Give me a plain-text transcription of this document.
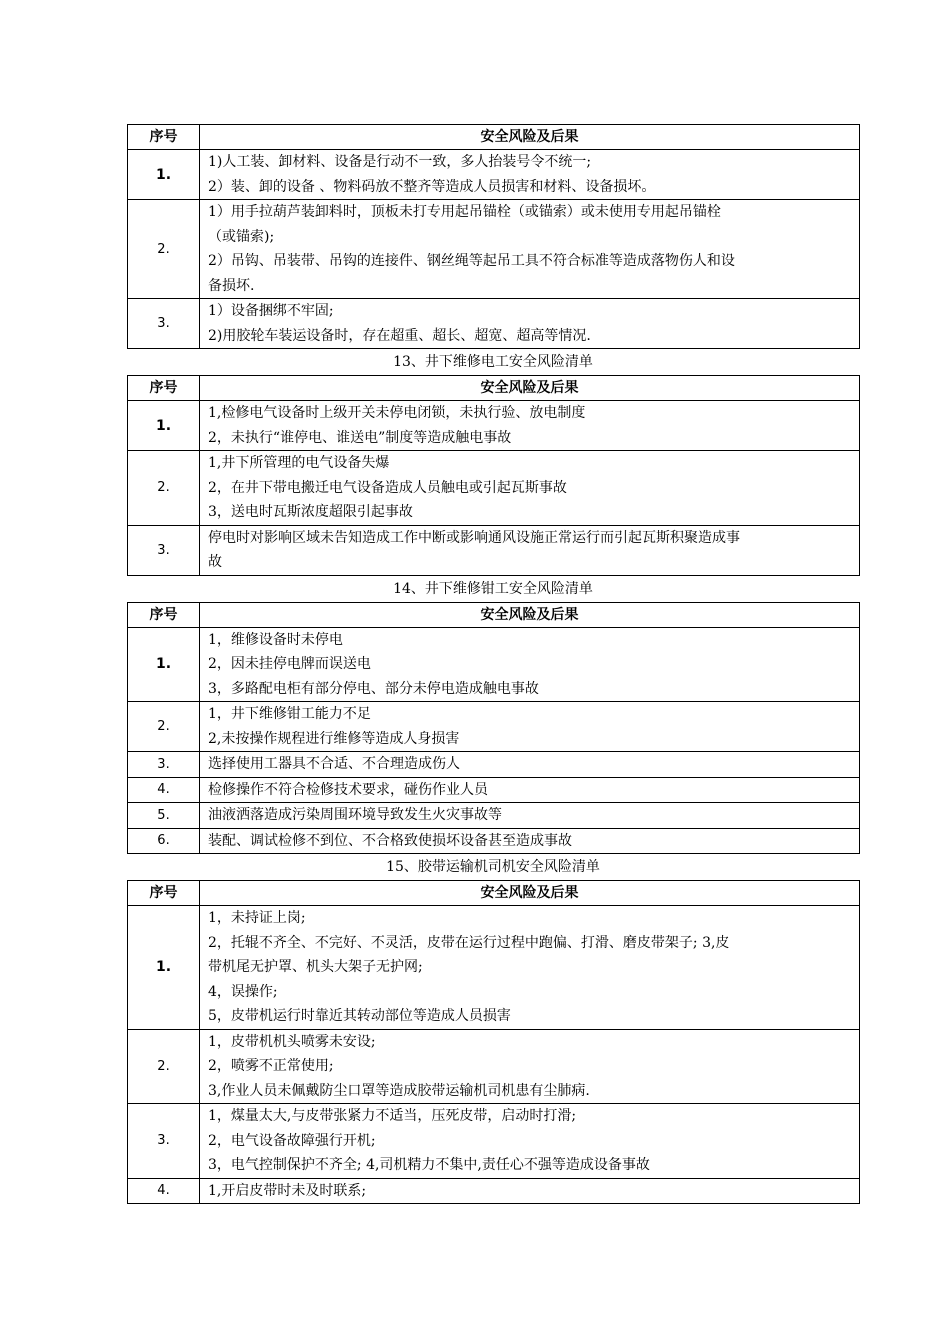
序号	安全风险及后果
1.	1)人工装、卸材料、设备是行动不一致，多人抬装号令不统一;
2）装、卸的设备 、物料码放不整齐等造成人员损害和材料、设备损坏。

2.	1）用手拉葫芦装卸料时，顶板未打专用起吊锚栓（或锚索）或未使用专用起吊锚栓
（或锚索);
2）吊钩、吊装带、吊钩的连接件、钢丝绳等起吊工具不符合标准等造成落物伤人和设
备损坏.

3.	1）设备捆绑不牢固;
2)用胶轮车装运设备时，存在超重、超长、超宽、超高等情况.
13、井下维修电工安全风险清单
序号	安全风险及后果
1.	1,检修电气设备时上级开关未停电闭锁，未执行验、放电制度
2，未执行“谁停电、谁送电”制度等造成触电事故

2.	1,井下所管理的电气设备失爆
2，在井下带电搬迁电气设备造成人员触电或引起瓦斯事故
3，送电时瓦斯浓度超限引起事故

3.	停电时对影响区域未告知造成工作中断或影响通风设施正常运行而引起瓦斯积聚造成事
故
14、井下维修钳工安全风险清单
序号	安全风险及后果
1.	1，维修设备时未停电
2，因未挂停电牌而误送电
3，多路配电柜有部分停电、部分未停电造成触电事故

2.	1，井下维修钳工能力不足
2,未按操作规程进行维修等造成人身损害

3.	选择使用工器具不合适、不合理造成伤人

4.	检修操作不符合检修技术要求，碰伤作业人员

5.	油液洒落造成污染周围环境导致发生火灾事故等

6.	装配、调试检修不到位、不合格致使损坏设备甚至造成事故
15、胶带运输机司机安全风险清单
序号	安全风险及后果
1.	1，未持证上岗;
2，托辊不齐全、不完好、不灵活，皮带在运行过程中跑偏、打滑、磨皮带架子; 3,皮
带机尾无护罩、机头大架子无护网;
4，误操作;
5，皮带机运行时靠近其转动部位等造成人员损害

2.	1，皮带机机头喷雾未安设;
2，喷雾不正常使用;
3,作业人员未佩戴防尘口罩等造成胶带运输机司机患有尘肺病.

3.	1，煤量太大,与皮带张紧力不适当，压死皮带，启动时打滑;
2，电气设备故障强行开机;
3，电气控制保护不齐全; 4,司机精力不集中,责任心不强等造成设备事故

4.	1,开启皮带时未及时联系;
